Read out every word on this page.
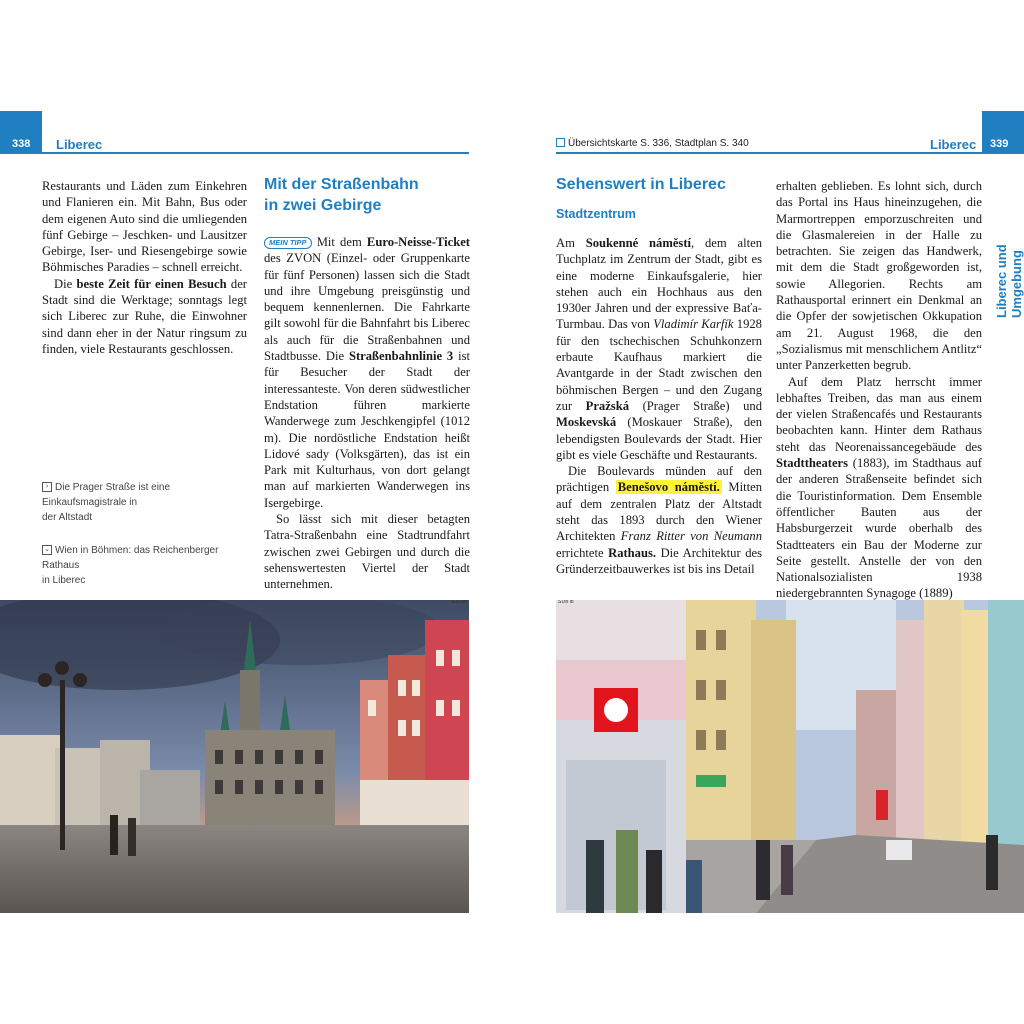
338	Liberec

Restaurants und Läden zum Einkehren und Flanieren ein. Mit Bahn, Bus oder dem eigenen Auto sind die umliegenden fünf Gebirge – Jeschken- und Lausitzer Gebirge, Iser- und Riesengebirge sowie Böhmisches Paradies – schnell erreicht.

Die beste Zeit für einen Besuch der Stadt sind die Werktage; sonntags legt sich Liberec zur Ruhe, die Einwohner sind dann eher in der Natur ringsum zu finden, viele Restaurants geschlossen.

› Die Prager Straße ist eine Einkaufsmagistrale in
der Altstadt
⌄ Wien in Böhmen: das Reichenberger Rathaus
in Liberec
Mit der Straßenbahn
in zwei Gebirge

MEIN TIPP Mit dem Euro-Neisse-Ticket des ZVON (Einzel- oder Gruppenkarte für fünf Personen) lassen sich die Stadt und ihre Umgebung preisgünstig und bequem kennenlernen. Die Fahrkarte gilt sowohl für die Bahnfahrt bis Liberec als auch für die Straßenbahnen und Stadtbusse. Die Straßenbahnlinie 3 ist für Besucher der Stadt der interessanteste. Von deren südwestlicher Endstation führen markierte Wanderwege zum Jeschkengipfel (1012 m). Die nordöstliche Endstation heißt Lidové sady (Volksgärten), das ist ein Park mit Kulturhaus, von dort gelangt man auf markierten Wanderwegen ins Isergebirge.

So lässt sich mit dieser betagten Tatra-Straßenbahn eine Stadtrundfahrt zwischen zwei Gebirgen und durch die sehenswertesten Viertel der Stadt unternehmen.

S16olb
Übersichtskarte S. 336, Stadtplan S. 340	Liberec	339
Liberec und Umgebung
Sehenswert in Liberec
Stadtzentrum

Am Soukenné náměstí, dem alten Tuchplatz im Zentrum der Stadt, gibt es eine moderne Einkaufsgalerie, hier stehen auch ein Hochhaus aus den 1930er Jahren und der expressive Baťa-Turmbau. Das von Vladimír Karfík 1928 für den tschechischen Schuhkonzern erbaute Kaufhaus markiert die Avantgarde in der Stadt zwischen den böhmischen Bergen – und den Zugang zur Pražská (Prager Straße) und Moskevská (Moskauer Straße), den lebendigsten Boulevards der Stadt. Hier gibt es viele Geschäfte und Restaurants.

Die Boulevards münden auf den prächtigen Benešovo náměstí. Mitten auf dem zentralen Platz der Altstadt steht das 1893 durch den Wiener Architekten Franz Ritter von Neumann errichtete Rathaus. Die Architektur des Gründerzeitbauwerkes ist bis ins Detail

erhalten geblieben. Es lohnt sich, durch das Portal ins Haus hineinzugehen, die Marmortreppen emporzuschreiten und die Glasmalereien in der Halle zu betrachten. Sie zeigen das Handwerk, mit dem die Stadt großgeworden ist, sowie Allegorien. Rechts am Rathausportal erinnert ein Denkmal an die Opfer der sowjetischen Okkupation am 21. August 1968, die den „Sozialismus mit menschlichem Antlitz“ unter Panzerketten begrub.

Auf dem Platz herrscht immer lebhaftes Treiben, das man aus einem der vielen Straßencafés und Restaurants beobachten kann. Hinter dem Rathaus steht das Neorenaissancegebäude des Stadttheaters (1883), im Stadthaus auf der anderen Straßenseite befindet sich die Touristinformation. Dem Ensemble öffentlicher Bauten aus der Habsburgerzeit wurde oberhalb des Stadtteaters ein Bau der Moderne zur Seite gestellt. Anstelle der von den Nationalsozialisten 1938 niedergebrannten Synagoge (1889)

S1to lb
